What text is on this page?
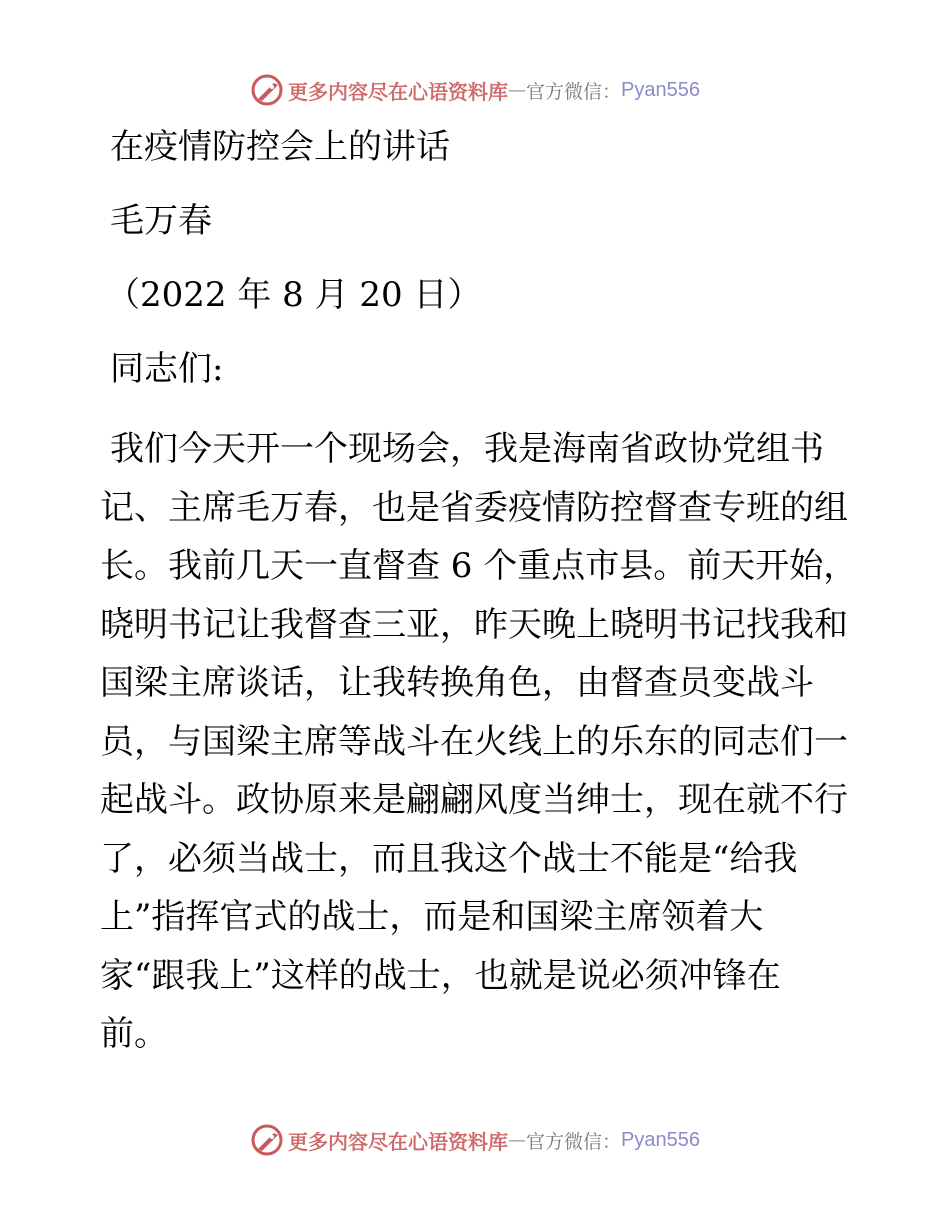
更多内容尽在心语资料库 — 官方微信： Pyan556
在疫情防控会上的讲话
毛万春
（2022 年 8 月 20 日）
同志们:
我们今天开一个现场会，我是海南省政协党组书
记、主席毛万春，也是省委疫情防控督查专班的组
长。我前几天一直督查 6 个重点市县。前天开始，
晓明书记让我督查三亚，昨天晚上晓明书记找我和
国梁主席谈话，让我转换角色，由督查员变战斗
员，与国梁主席等战斗在火线上的乐东的同志们一
起战斗。政协原来是翩翩风度当绅士，现在就不行
了，必须当战士，而且我这个战士不能是“给我
上”指挥官式的战士，而是和国梁主席领着大
家“跟我上”这样的战士，也就是说必须冲锋在
前。
更多内容尽在心语资料库 — 官方微信： Pyan556
